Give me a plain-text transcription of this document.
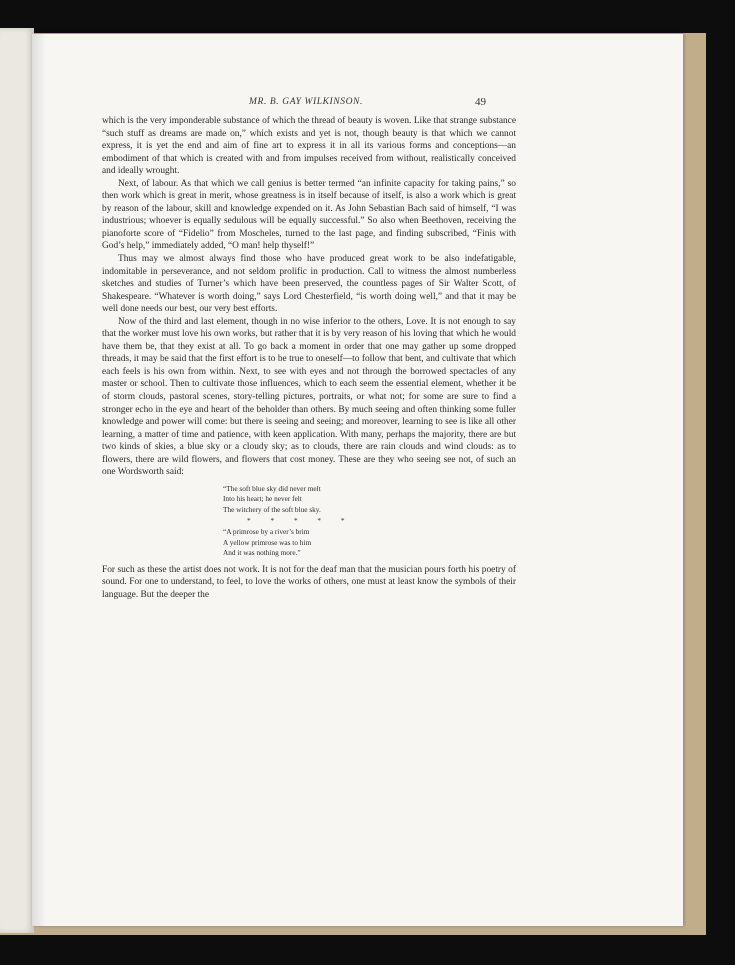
MR. B. GAY WILKINSON.	49

which is the very imponderable substance of which the thread of beauty is woven. Like that strange substance “such stuff as dreams are made on,” which exists and yet is not, though beauty is that which we cannot express, it is yet the end and aim of fine art to express it in all its various forms and conceptions—an embodiment of that which is created with and from impulses received from without, realistically conceived and ideally wrought.

Next, of labour. As that which we call genius is better termed “an infinite capacity for taking pains,” so then work which is great in merit, whose greatness is in itself because of itself, is also a work which is great by reason of the labour, skill and knowledge expended on it. As John Sebastian Bach said of himself, “I was industrious; whoever is equally sedulous will be equally successful.” So also when Beethoven, receiving the pianoforte score of “Fidelio” from Moscheles, turned to the last page, and finding subscribed, “Finis with God’s help,” immediately added, “O man! help thyself!”

Thus may we almost always find those who have produced great work to be also indefatigable, indomitable in perseverance, and not seldom prolific in production. Call to witness the almost numberless sketches and studies of Turner’s which have been preserved, the countless pages of Sir Walter Scott, of Shakespeare. “Whatever is worth doing,” says Lord Chesterfield, “is worth doing well,” and that it may be well done needs our best, our very best efforts.

Now of the third and last element, though in no wise inferior to the others, Love. It is not enough to say that the worker must love his own works, but rather that it is by very reason of his loving that which he would have them be, that they exist at all. To go back a moment in order that one may gather up some dropped threads, it may be said that the first effort is to be true to oneself—to follow that bent, and cultivate that which each feels is his own from within. Next, to see with eyes and not through the borrowed spectacles of any master or school. Then to cultivate those influences, which to each seem the essential element, whether it be of storm clouds, pastoral scenes, story-telling pictures, portraits, or what not; for some are sure to find a stronger echo in the eye and heart of the beholder than others. By much seeing and often thinking some fuller knowledge and power will come: but there is seeing and seeing; and moreover, learning to see is like all other learning, a matter of time and patience, with keen application. With many, perhaps the majority, there are but two kinds of skies, a blue sky or a cloudy sky; as to clouds, there are rain clouds and wind clouds: as to flowers, there are wild flowers, and flowers that cost money. These are they who seeing see not, of such an one Wordsworth said:

“The soft blue sky did never melt
Into his heart; he never felt
The witchery of the soft blue sky.
* * * * *
“A primrose by a river’s brim
A yellow primrose was to him
And it was nothing more.”

For such as these the artist does not work. It is not for the deaf man that the musician pours forth his poetry of sound. For one to understand, to feel, to love the works of others, one must at least know the symbols of their language. But the deeper the
